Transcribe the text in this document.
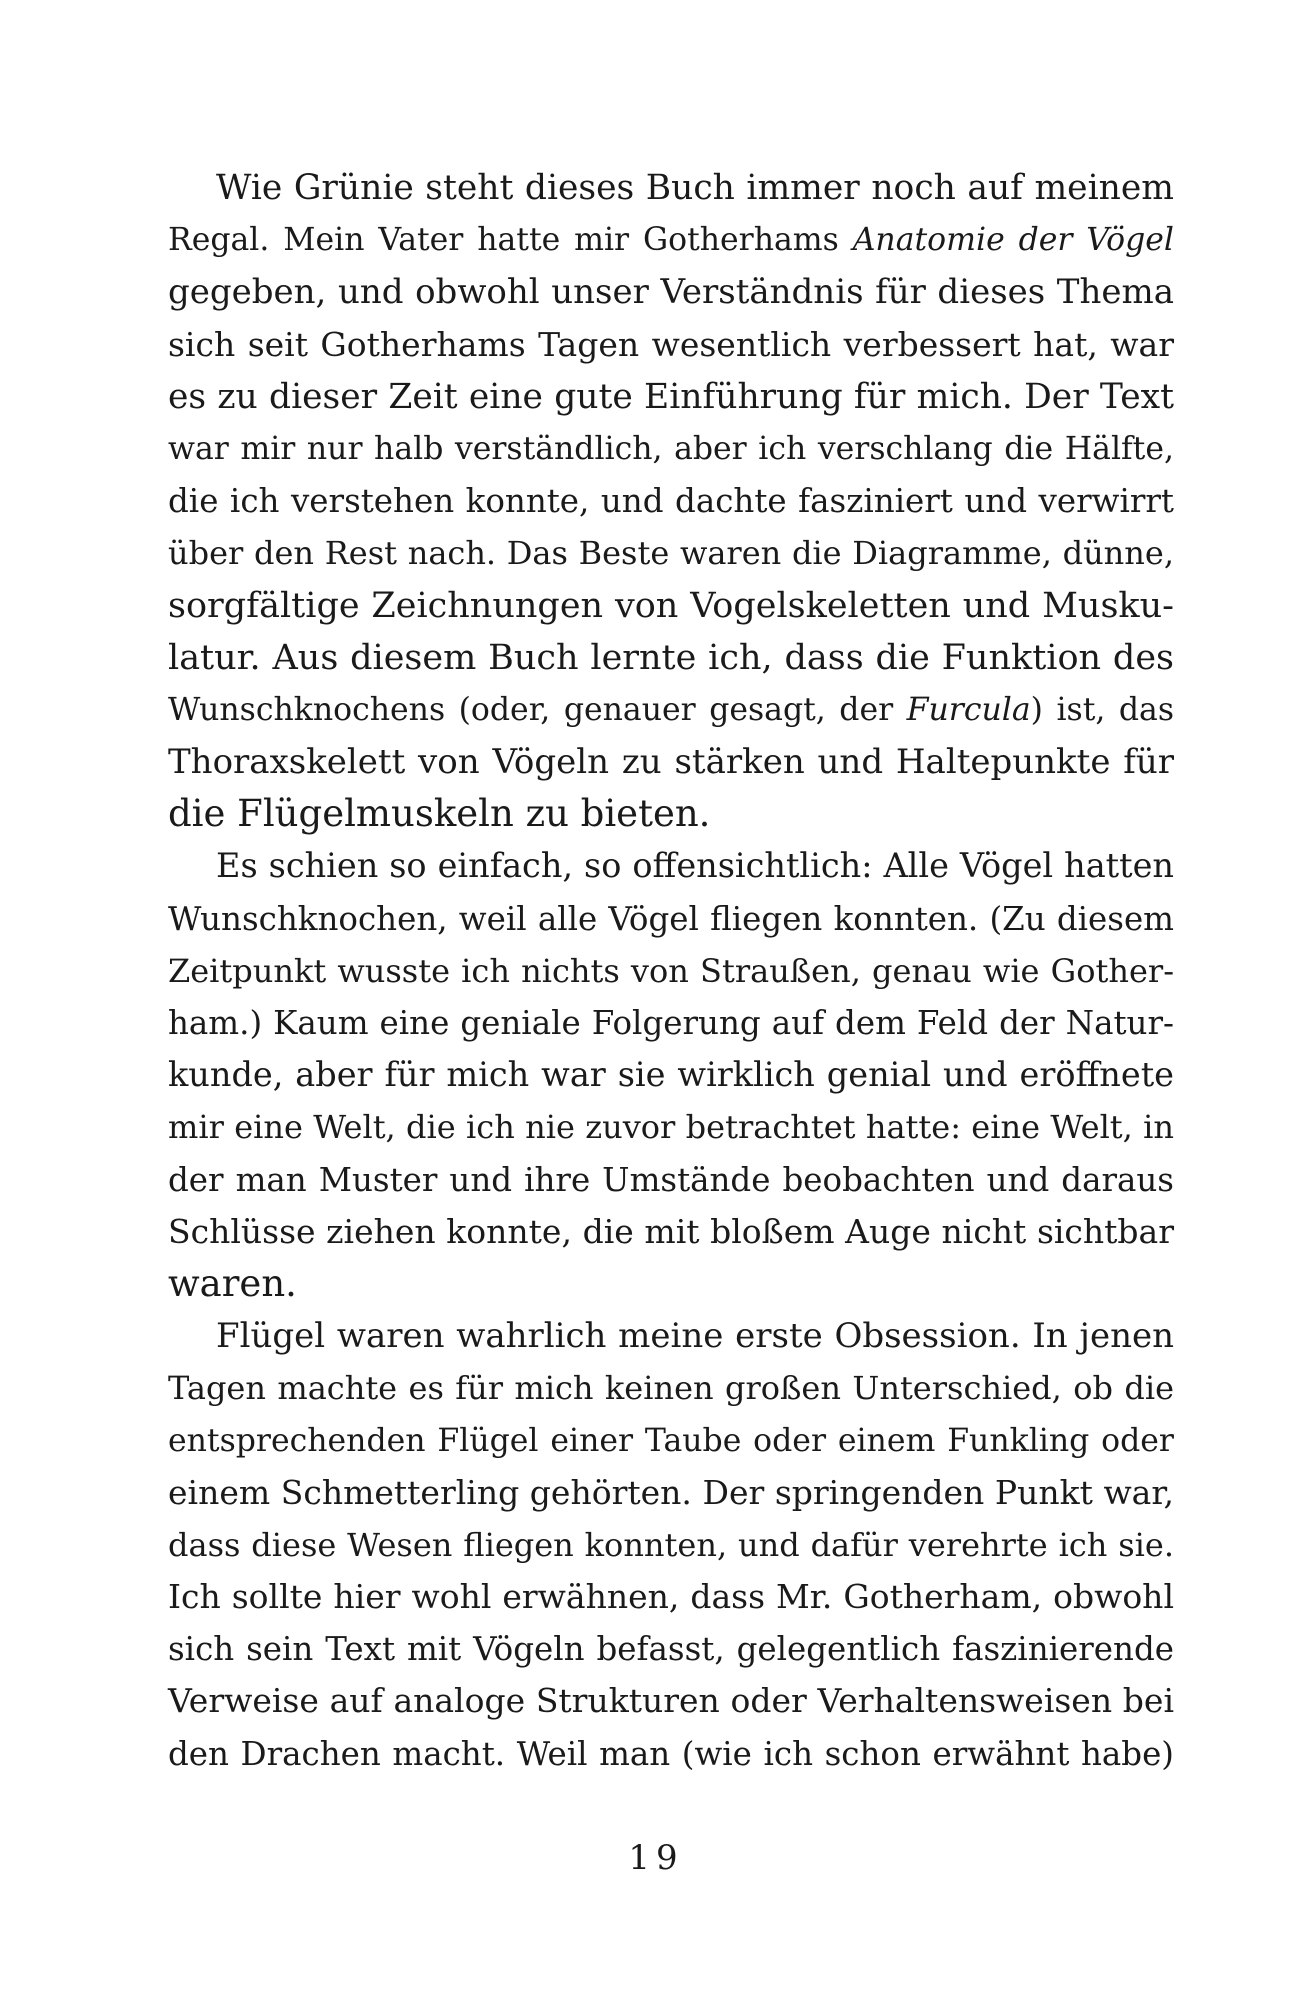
Wie Grünie steht dieses Buch immer noch auf meinem
Regal. Mein Vater hatte mir Gotherhams Anatomie der Vögel
gegeben, und obwohl unser Verständnis für dieses Thema
sich seit Gotherhams Tagen wesentlich verbessert hat, war
es zu dieser Zeit eine gute Einführung für mich. Der Text
war mir nur halb verständlich, aber ich verschlang die Hälfte,
die ich verstehen konnte, und dachte fasziniert und verwirrt
über den Rest nach. Das Beste waren die Diagramme, dünne,
sorgfältige Zeichnungen von Vogelskeletten und Musku-
latur. Aus diesem Buch lernte ich, dass die Funktion des
Wunschknochens (oder, genauer gesagt, der Furcula) ist, das
Thoraxskelett von Vögeln zu stärken und Haltepunkte für
die Flügelmuskeln zu bieten.
Es schien so einfach, so offensichtlich: Alle Vögel hatten
Wunschknochen, weil alle Vögel fliegen konnten. (Zu diesem
Zeitpunkt wusste ich nichts von Straußen, genau wie Gother-
ham.) Kaum eine geniale Folgerung auf dem Feld der Natur-
kunde, aber für mich war sie wirklich genial und eröffnete
mir eine Welt, die ich nie zuvor betrachtet hatte: eine Welt, in
der man Muster und ihre Umstände beobachten und daraus
Schlüsse ziehen konnte, die mit bloßem Auge nicht sichtbar
waren.
Flügel waren wahrlich meine erste Obsession. In jenen
Tagen machte es für mich keinen großen Unterschied, ob die
entsprechenden Flügel einer Taube oder einem Funkling oder
einem Schmetterling gehörten. Der springenden Punkt war,
dass diese Wesen fliegen konnten, und dafür verehrte ich sie.
Ich sollte hier wohl erwähnen, dass Mr. Gotherham, obwohl
sich sein Text mit Vögeln befasst, gelegentlich faszinierende
Verweise auf analoge Strukturen oder Verhaltensweisen bei
den Drachen macht. Weil man (wie ich schon erwähnt habe)
19
